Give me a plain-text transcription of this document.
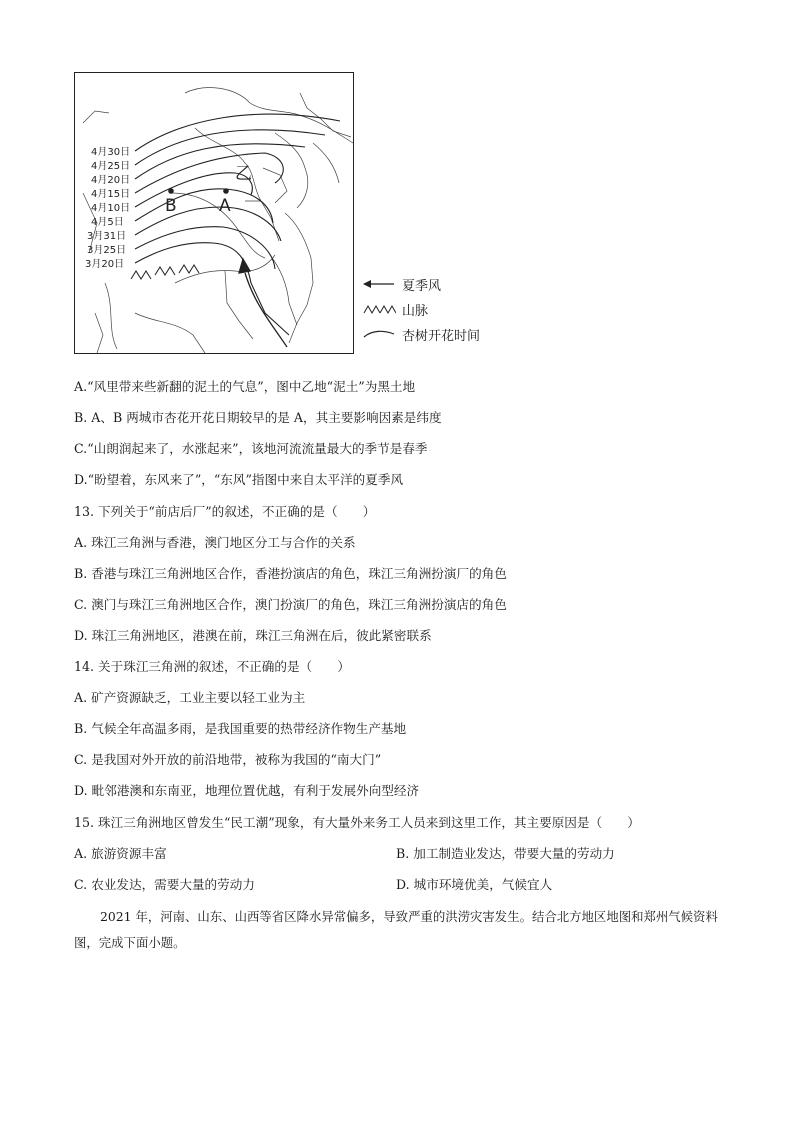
B A
乙
4月30日
4月25日
4月20日
4月15日
4月10日
4月5日
3月31日
3月25日
3月20日
夏季风
山脉
杏树开花时间
A.“风里带来些新翻的泥土的气息”，图中乙地“泥土”为黑土地
B. A、B 两城市杏花开花日期较早的是 A，其主要影响因素是纬度
C.“山朗润起来了，水涨起来”，该地河流流量最大的季节是春季
D.“盼望着，东风来了”，“东风”指图中来自太平洋的夏季风
13. 下列关于“前店后厂”的叙述，不正确的是（　　）
A. 珠江三角洲与香港，澳门地区分工与合作的关系
B. 香港与珠江三角洲地区合作，香港扮演店的角色，珠江三角洲扮演厂的角色
C. 澳门与珠江三角洲地区合作，澳门扮演厂的角色，珠江三角洲扮演店的角色
D. 珠江三角洲地区，港澳在前，珠江三角洲在后，彼此紧密联系
14. 关于珠江三角洲的叙述，不正确的是（　　）
A. 矿产资源缺乏，工业主要以轻工业为主
B. 气候全年高温多雨，是我国重要的热带经济作物生产基地
C. 是我国对外开放的前沿地带，被称为我国的“南大门”
D. 毗邻港澳和东南亚，地理位置优越，有利于发展外向型经济
15. 珠江三角洲地区曾发生“民工潮”现象，有大量外来务工人员来到这里工作，其主要原因是（　　）
A. 旅游资源丰富	B. 加工制造业发达，带要大量的劳动力
C. 农业发达，需要大量的劳动力	D. 城市环境优美，气候宜人
2021 年，河南、山东、山西等省区降水异常偏多，导致严重的洪涝灾害发生。结合北方地区地图和郑州气候资料图，完成下面小题。
